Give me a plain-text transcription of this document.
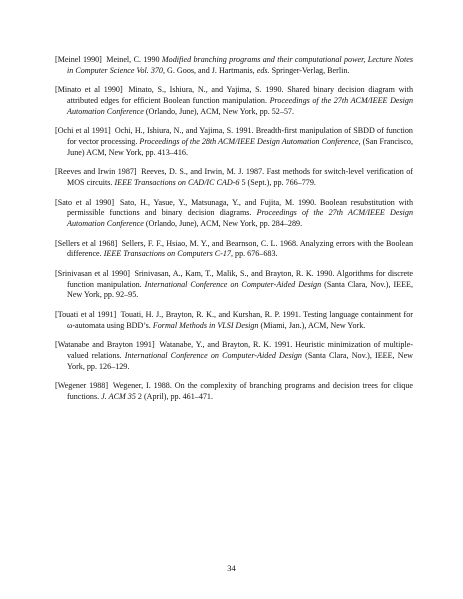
[Meinel 1990] Meinel, C. 1990 Modified branching programs and their computational power, Lecture Notes in Computer Science Vol. 370, G. Goos, and J. Hartmanis, eds. Springer-Verlag, Berlin.

[Minato et al 1990] Minato, S., Ishiura, N., and Yajima, S. 1990. Shared binary decision diagram with attributed edges for efficient Boolean function manipulation. Proceedings of the 27th ACM/IEEE Design Automation Conference (Orlando, June), ACM, New York, pp. 52–57.

[Ochi et al 1991] Ochi, H., Ishiura, N., and Yajima, S. 1991. Breadth-first manipulation of SBDD of function for vector processing. Proceedings of the 28th ACM/IEEE Design Automation Conference, (San Francisco, June) ACM, New York, pp. 413–416.

[Reeves and Irwin 1987] Reeves, D. S., and Irwin, M. J. 1987. Fast methods for switch-level verification of MOS circuits. IEEE Transactions on CAD/IC CAD-6 5 (Sept.), pp. 766–779.

[Sato et al 1990] Sato, H., Yasue, Y., Matsunaga, Y., and Fujita, M. 1990. Boolean resubstitution with permissible functions and binary decision diagrams. Proceedings of the 27th ACM/IEEE Design Automation Conference (Orlando, June), ACM, New York, pp. 284–289.

[Sellers et al 1968] Sellers, F. F., Hsiao, M. Y., and Bearnson, C. L. 1968. Analyzing errors with the Boolean difference. IEEE Transactions on Computers C-17, pp. 676–683.

[Srinivasan et al 1990] Srinivasan, A., Kam, T., Malik, S., and Brayton, R. K. 1990. Algorithms for discrete function manipulation. International Conference on Computer-Aided Design (Santa Clara, Nov.), IEEE, New York, pp. 92–95.

[Touati et al 1991] Touati, H. J., Brayton, R. K., and Kurshan, R. P. 1991. Testing language containment for ω-automata using BDD’s. Formal Methods in VLSI Design (Miami, Jan.), ACM, New York.

[Watanabe and Brayton 1991] Watanabe, Y., and Brayton, R. K. 1991. Heuristic minimization of multiple-valued relations. International Conference on Computer-Aided Design (Santa Clara, Nov.), IEEE, New York, pp. 126–129.

[Wegener 1988] Wegener, I. 1988. On the complexity of branching programs and decision trees for clique functions. J. ACM 35 2 (April), pp. 461–471.

34
